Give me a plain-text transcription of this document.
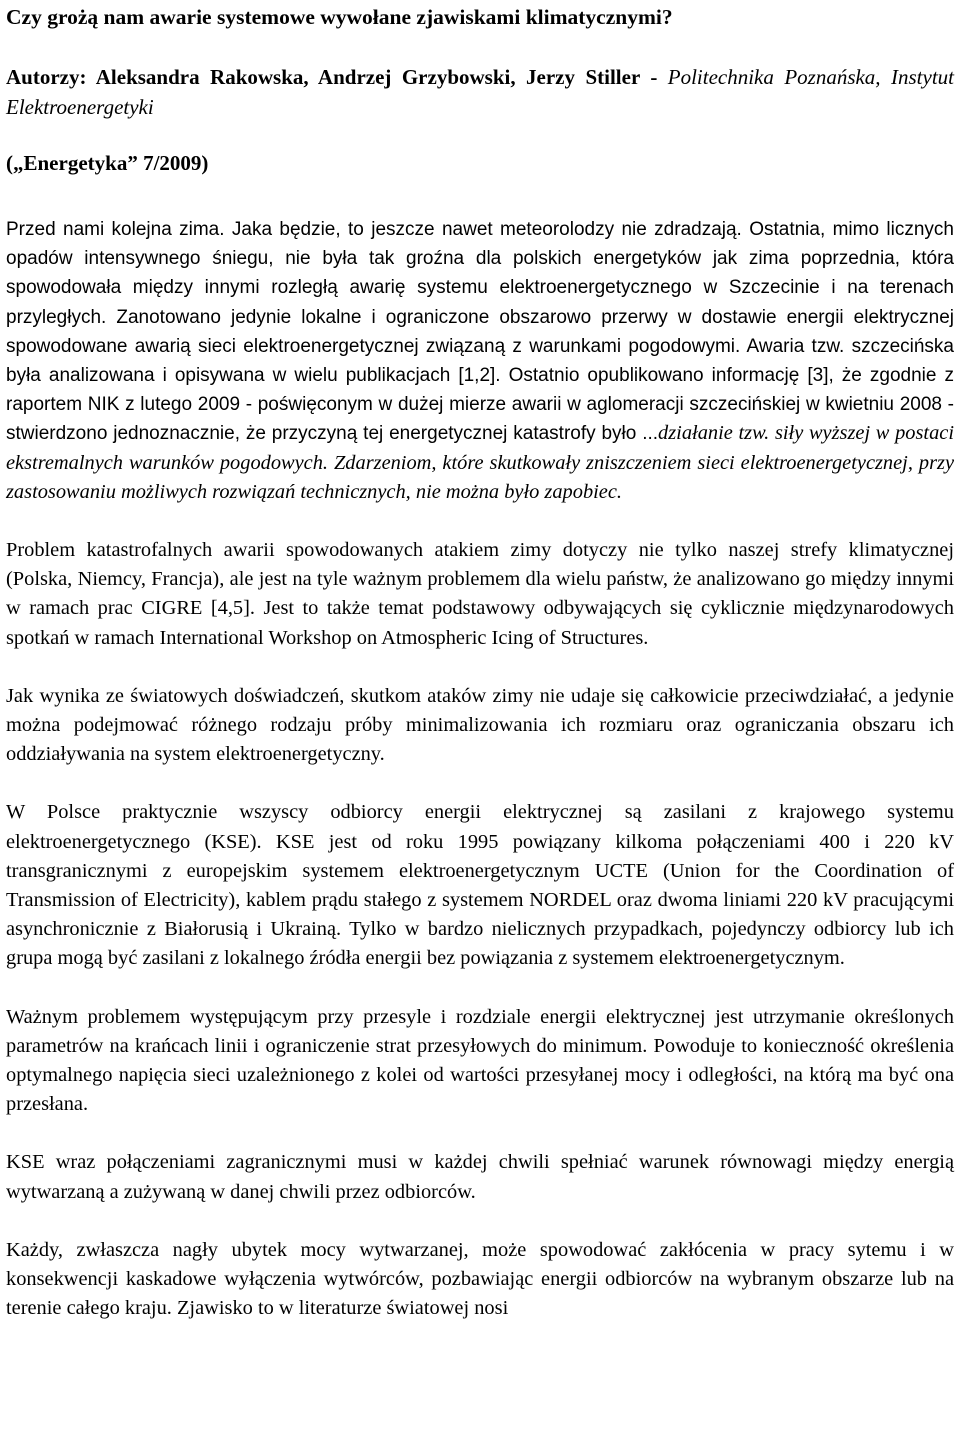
Czy grożą nam awarie systemowe wywołane zjawiskami klimatycznymi?

Autorzy: Aleksandra Rakowska, Andrzej Grzybowski, Jerzy Stiller - Politechnika Poznańska, Instytut Elektroenergetyki

(„Energetyka” 7/2009)

Przed nami kolejna zima. Jaka będzie, to jeszcze nawet meteorolodzy nie zdradzają. Ostatnia, mimo licznych opadów intensywnego śniegu, nie była tak groźna dla polskich energetyków jak zima poprzednia, która spowodowała między innymi rozległą awarię systemu elektroenergetycznego w Szczecinie i na terenach przyległych. Zanotowano jedynie lokalne i ograniczone obszarowo przerwy w dostawie energii elektrycznej spowodowane awarią sieci elektroenergetycznej związaną z warunkami pogodowymi. Awaria tzw. szczecińska była analizowana i opisywana w wielu publikacjach [1,2]. Ostatnio opublikowano informację [3], że zgodnie z raportem NIK z lutego 2009 - poświęconym w dużej mierze awarii w aglomeracji szczecińskiej w kwietniu 2008 - stwierdzono jednoznacznie, że przyczyną tej energetycznej katastrofy było ...działanie tzw. siły wyższej w postaci ekstremalnych warunków pogodowych. Zdarzeniom, które skutkowały zniszczeniem sieci elektroenergetycznej, przy zastosowaniu możliwych rozwiązań technicznych, nie można było zapobiec.

Problem katastrofalnych awarii spowodowanych atakiem zimy dotyczy nie tylko naszej strefy klimatycznej (Polska, Niemcy, Francja), ale jest na tyle ważnym problemem dla wielu państw, że analizowano go między innymi w ramach prac CIGRE [4,5]. Jest to także temat podstawowy odbywających się cyklicznie międzynarodowych spotkań w ramach International Workshop on Atmospheric Icing of Structures.

Jak wynika ze światowych doświadczeń, skutkom ataków zimy nie udaje się całkowicie przeciwdziałać, a jedynie można podejmować różnego rodzaju próby minimalizowania ich rozmiaru oraz ograniczania obszaru ich oddziaływania na system elektroenergetyczny.

W Polsce praktycznie wszyscy odbiorcy energii elektrycznej są zasilani z krajowego systemu elektroenergetycznego (KSE). KSE jest od roku 1995 powiązany kilkoma połączeniami 400 i 220 kV transgranicznymi z europejskim systemem elektroenergetycznym UCTE (Union for the Coordination of Transmission of Electricity), kablem prądu stałego z systemem NORDEL oraz dwoma liniami 220 kV pracującymi asynchronicznie z Białorusią i Ukrainą. Tylko w bardzo nielicznych przypadkach, pojedynczy odbiorcy lub ich grupa mogą być zasilani z lokalnego źródła energii bez powiązania z systemem elektroenergetycznym.

Ważnym problemem występującym przy przesyle i rozdziale energii elektrycznej jest utrzymanie określonych parametrów na krańcach linii i ograniczenie strat przesyłowych do minimum. Powoduje to konieczność określenia optymalnego napięcia sieci uzależnionego z kolei od wartości przesyłanej mocy i odległości, na którą ma być ona przesłana.

KSE wraz połączeniami zagranicznymi musi w każdej chwili spełniać warunek równowagi między energią wytwarzaną a zużywaną w danej chwili przez odbiorców.

Każdy, zwłaszcza nagły ubytek mocy wytwarzanej, może spowodować zakłócenia w pracy sytemu i w konsekwencji kaskadowe wyłączenia wytwórców, pozbawiając energii odbiorców na wybranym obszarze lub na terenie całego kraju. Zjawisko to w literaturze światowej nosi
